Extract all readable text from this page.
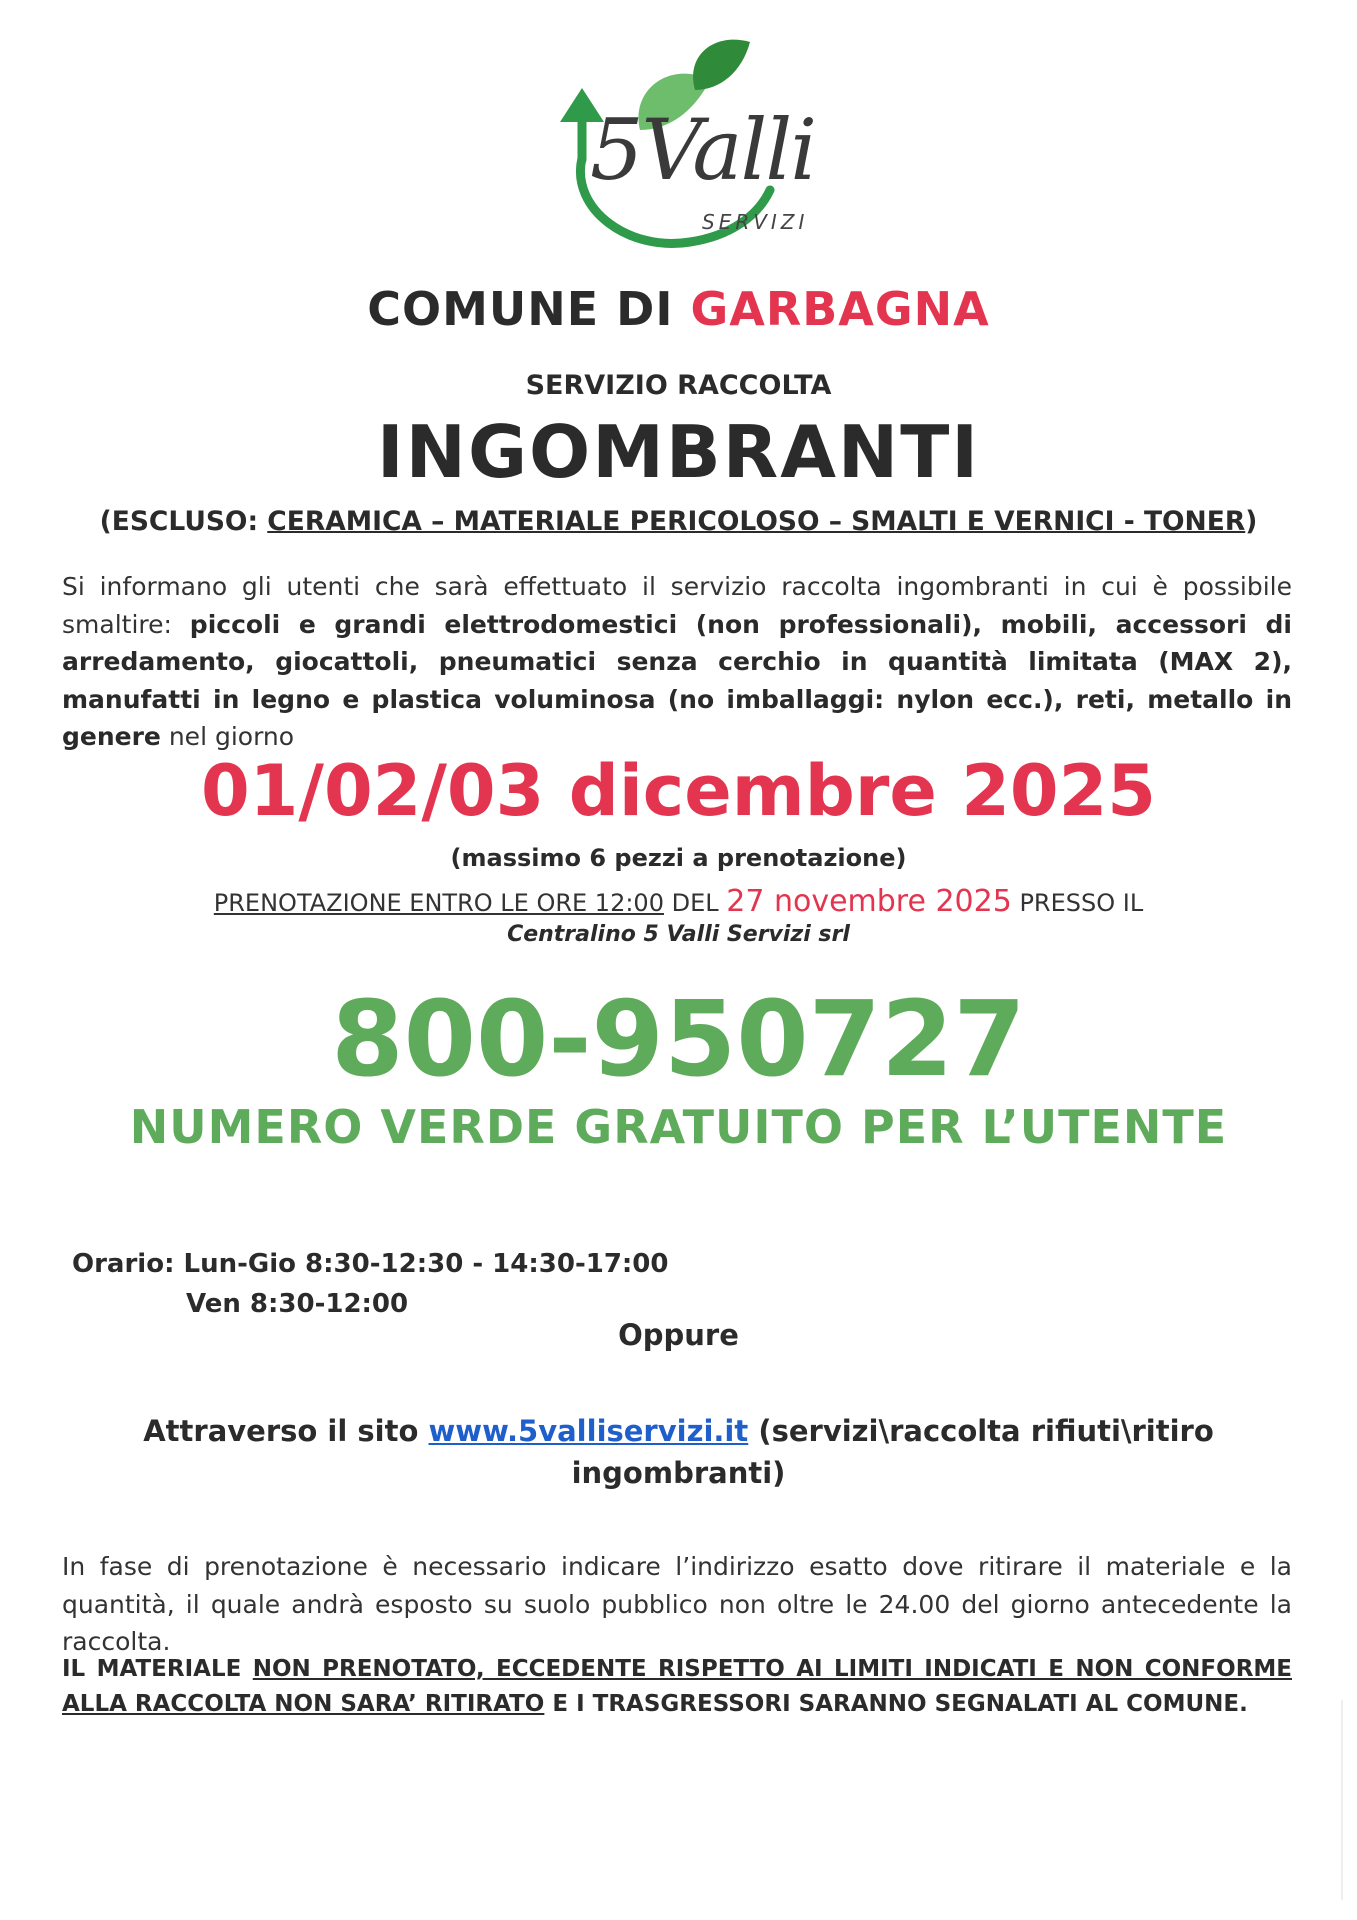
5Valli
SERVIZI
COMUNE DI GARBAGNA
SERVIZIO RACCOLTA
INGOMBRANTI
(ESCLUSO: CERAMICA – MATERIALE PERICOLOSO – SMALTI E VERNICI - TONER)
Si informano gli utenti che sarà effettuato il servizio raccolta ingombranti in cui è possibile smaltire: piccoli e grandi elettrodomestici (non professionali), mobili, accessori di arredamento, giocattoli, pneumatici senza cerchio in quantità limitata (MAX 2), manufatti in legno e plastica voluminosa (no imballaggi: nylon ecc.), reti, metallo in genere nel giorno
01/02/03 dicembre 2025
(massimo 6 pezzi a prenotazione)
PRENOTAZIONE ENTRO LE ORE 12:00 DEL 27 novembre 2025 PRESSO IL
Centralino 5 Valli Servizi srl
800-950727
NUMERO VERDE GRATUITO PER L’UTENTE
Orario: Lun-Gio 8:30-12:30 - 14:30-17:00
Ven 8:30-12:00
Oppure
Attraverso il sito www.5valliservizi.it (servizi\raccolta rifiuti\ritiro
ingombranti)
In fase di prenotazione è necessario indicare l’indirizzo esatto dove ritirare il materiale e la quantità, il quale andrà esposto su suolo pubblico non oltre le 24.00 del giorno antecedente la raccolta.
IL MATERIALE NON PRENOTATO, ECCEDENTE RISPETTO AI LIMITI INDICATI E NON CONFORME ALLA RACCOLTA NON SARA’ RITIRATO E I TRASGRESSORI SARANNO SEGNALATI AL COMUNE.
